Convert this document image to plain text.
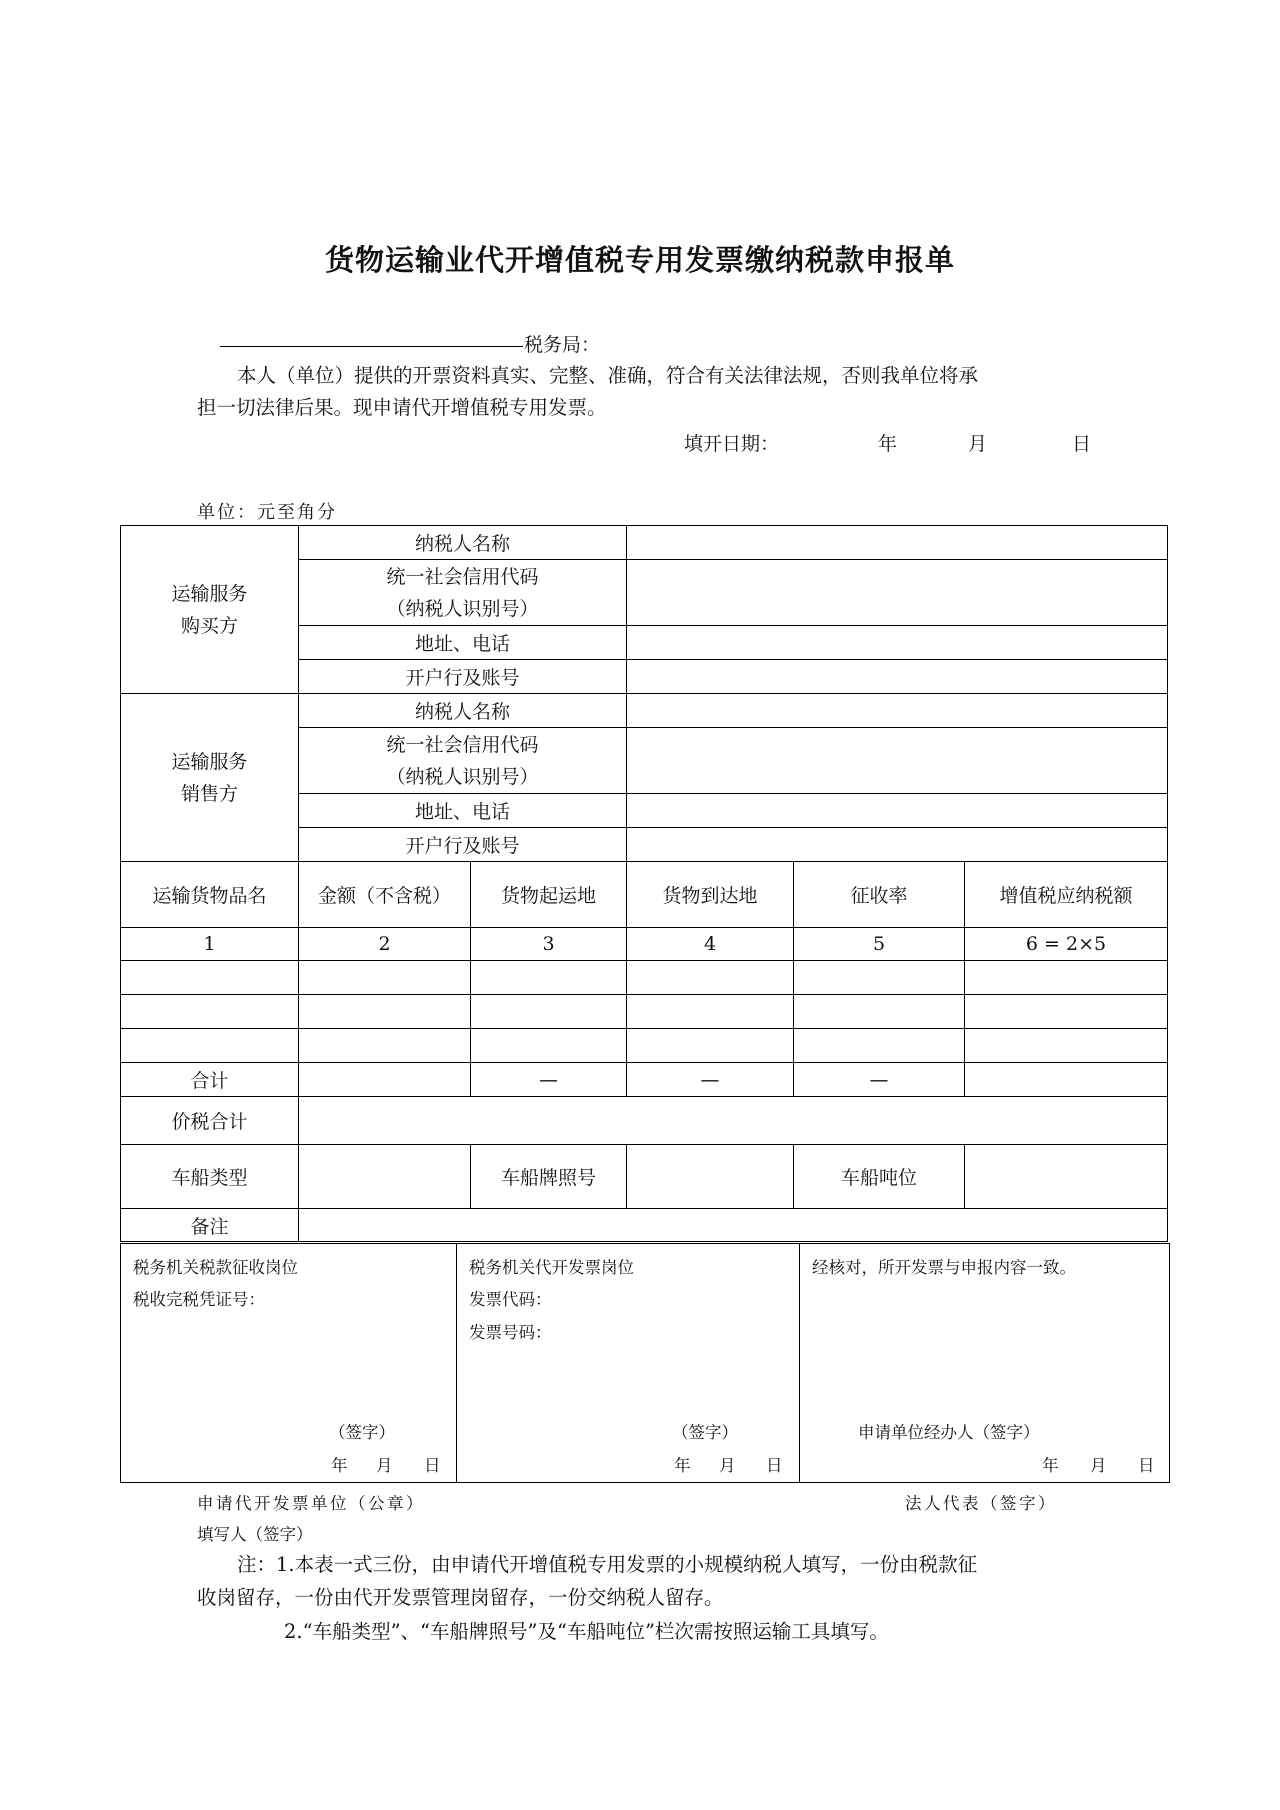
货物运输业代开增值税专用发票缴纳税款申报单
税务局：
本人（单位）提供的开票资料真实、完整、准确，符合有关法律法规，否则我单位将承
担一切法律后果。现申请代开增值税专用发票。
填开日期：	年	月	日
单位：元至角分
运输服务
购买方	纳税人名称				

	统一社会信用代码
（纳税人识别号）				

	地址、电话				
	开户行及账号				

运输服务
销售方	纳税人名称				

	统一社会信用代码
（纳税人识别号）				

	地址、电话				
	开户行及账号				
运输货物品名	金额（不含税）	货物起运地	货物到达地	征收率	增值税应纳税额
1	2	3	4	5	6 = 2×5

合计		—	—	—	
价税合计					
车船类型		车船牌照号		车船吨位	
备注					
税务机关税款征收岗位
税收完税凭证号：
（签字）
年 月 日

税务机关代开发票岗位
发票代码：
发票号码：
（签字）
年 月 日

经核对，所开发票与申报内容一致。
申请单位经办人（签字）
年 月 日
申请代开发票单位（公章）	法人代表（签字）
填写人（签字）
注：1.本表一式三份，由申请代开增值税专用发票的小规模纳税人填写，一份由税款征
收岗留存，一份由代开发票管理岗留存，一份交纳税人留存。
2.“车船类型”、“车船牌照号”及“车船吨位”栏次需按照运输工具填写。
